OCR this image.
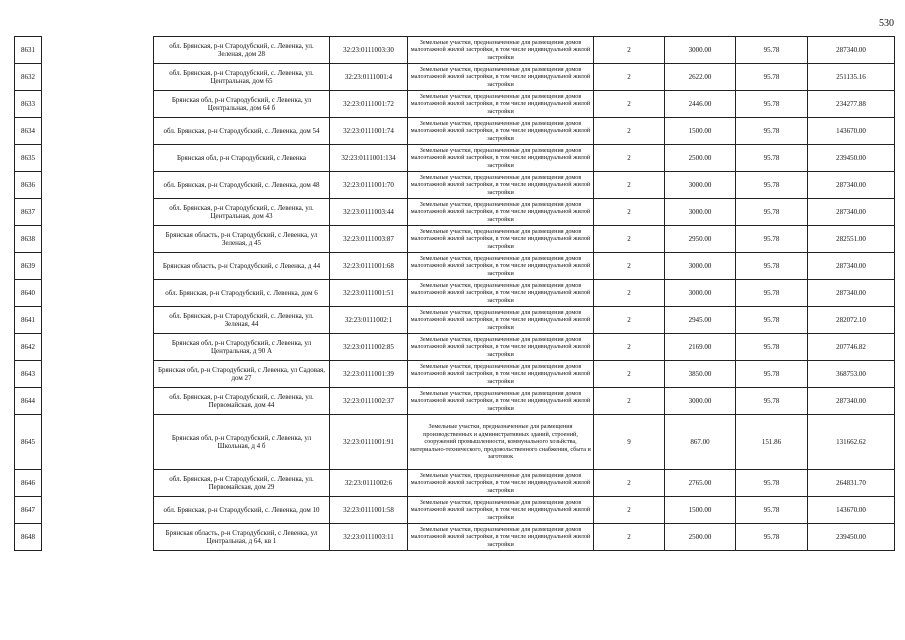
530
8631		обл. Брянская, р-н Стародубский, с. Левенка, ул. Зеленая, дом 28	32:23:0111003:30	Земельные участки, предназначенные для размещения домов малоэтажной жилой застройки, в том числе индивидуальной жилой застройки	2	3000.00	95.78	287340.00
8632		обл. Брянская, р-н Стародубский, с. Левенка, ул. Центральная, дом 65	32:23:0111001:4	Земельные участки, предназначенные для размещения домов малоэтажной жилой застройки, в том числе индивидуальной жилой застройки	2	2622.00	95.78	251135.16
8633		Брянская обл, р-н Стародубский, с Левенка, ул Центральная, дом 64 б	32:23:0111001:72	Земельные участки, предназначенные для размещения домов малоэтажной жилой застройки, в том числе индивидуальной жилой застройки	2	2446.00	95.78	234277.88
8634		обл. Брянская, р-н Стародубский, с. Левенка, дом 54	32:23:0111001:74	Земельные участки, предназначенные для размещения домов малоэтажной жилой застройки, в том числе индивидуальной жилой застройки	2	1500.00	95.78	143670.00
8635		Брянская обл, р-н Стародубский, с Левенка	32:23:0111001:134	Земельные участки, предназначенные для размещения домов малоэтажной жилой застройки, в том числе индивидуальной жилой застройки	2	2500.00	95.78	239450.00
8636		обл. Брянская, р-н Стародубский, с. Левенка, дом 48	32:23:0111001:70	Земельные участки, предназначенные для размещения домов малоэтажной жилой застройки, в том числе индивидуальной жилой застройки	2	3000.00	95.78	287340.00
8637		обл. Брянская, р-н Стародубский, с. Левенка, ул. Центральная, дом 43	32:23:0111003:44	Земельные участки, предназначенные для размещения домов малоэтажной жилой застройки, в том числе индивидуальной жилой застройки	2	3000.00	95.78	287340.00
8638		Брянская область, р-н Стародубский, с Левенка, ул Зеленая, д 45	32:23:0111003:87	Земельные участки, предназначенные для размещения домов малоэтажной жилой застройки, в том числе индивидуальной жилой застройки	2	2950.00	95.78	282551.00
8639		Брянская область, р-н Стародубский, с Левенка, д 44	32:23:0111001:68	Земельные участки, предназначенные для размещения домов малоэтажной жилой застройки, в том числе индивидуальной жилой застройки	2	3000.00	95.78	287340.00
8640		обл. Брянская, р-н Стародубский, с. Левенка, дом 6	32:23:0111001:51	Земельные участки, предназначенные для размещения домов малоэтажной жилой застройки, в том числе индивидуальной жилой застройки	2	3000.00	95.78	287340.00
8641		обл. Брянская, р-н Стародубский, с. Левенка, ул. Зеленая, 44	32:23:0111002:1	Земельные участки, предназначенные для размещения домов малоэтажной жилой застройки, в том числе индивидуальной жилой застройки	2	2945.00	95.78	282072.10
8642		Брянская обл, р-н Стародубский, с Левенка, ул Центральная, д 90 А	32:23:0111002:85	Земельные участки, предназначенные для размещения домов малоэтажной жилой застройки, в том числе индивидуальной жилой застройки	2	2169.00	95.78	207746.82
8643		Брянская обл, р-н Стародубский, с Левенка, ул Садовая, дом 27	32:23:0111001:39	Земельные участки, предназначенные для размещения домов малоэтажной жилой застройки, в том числе индивидуальной жилой застройки	2	3850.00	95.78	368753.00
8644		обл. Брянская, р-н Стародубский, с. Левенка, ул. Первомайская, дом 44	32:23:0111002:37	Земельные участки, предназначенные для размещения домов малоэтажной жилой застройки, в том числе индивидуальной жилой застройки	2	3000.00	95.78	287340.00
8645		Брянская обл, р-н Стародубский, с Левенка, ул Школьная, д 4 б	32:23:0111001:91	Земельные участки, предназначенные для размещения производственных и административных зданий, строений, сооружений промышленности, коммунального хозьйства, материально-технического, продовольственного снабжения, сбыта и заготовок	9	867.00	151.86	131662.62
8646		обл. Брянская, р-н Стародубский, с. Левенка, ул. Первомайская, дом 29	32:23:0111002:6	Земельные участки, предназначенные для размещения домов малоэтажной жилой застройки, в том числе индивидуальной жилой застройки	2	2765.00	95.78	264831.70
8647		обл. Брянская, р-н Стародубский, с. Левенка, дом 10	32:23:0111001:58	Земельные участки, предназначенные для размещения домов малоэтажной жилой застройки, в том числе индивидуальной жилой застройки	2	1500.00	95.78	143670.00
8648		Брянская область, р-н Стародубский, с Левенка, ул Центральная, д 64, кв 1	32:23:0111003:11	Земельные участки, предназначенные для размещения домов малоэтажной жилой застройки, в том числе индивидуальной жилой застройки	2	2500.00	95.78	239450.00
